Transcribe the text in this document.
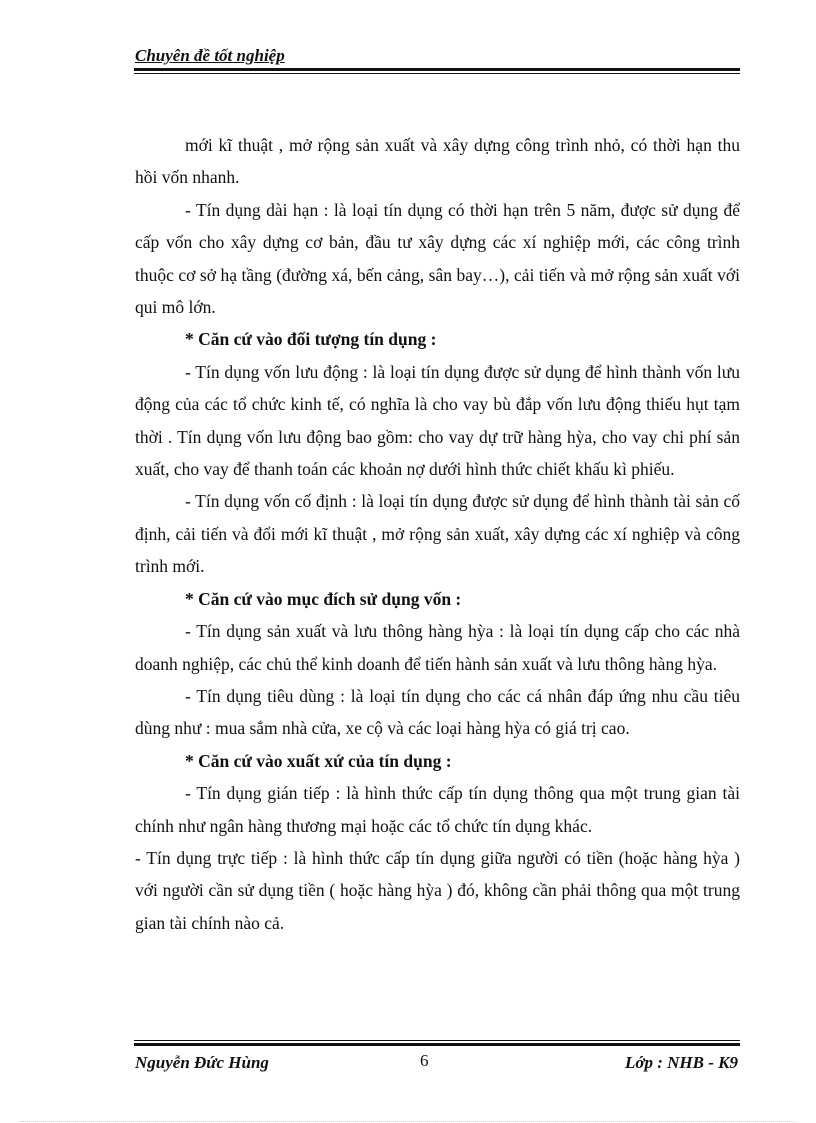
Chuyên đề tốt nghiệp

mới kĩ thuật , mở rộng sản xuất và xây dựng công trình nhỏ, có thời hạn thu hồi vốn nhanh.

- Tín dụng dài hạn : là loại tín dụng có thời hạn trên 5 năm, được sử dụng để cấp vốn cho xây dựng cơ bản, đầu tư xây dựng các xí nghiệp mới, các công trình thuộc cơ sở hạ tầng (đường xá, bến cảng, sân bay…), cải tiến và mở rộng sản xuất với qui mô lớn.

* Căn cứ vào đối tượng tín dụng :

- Tín dụng vốn lưu động : là loại tín dụng được sử dụng để hình thành vốn lưu động của các tổ chức kinh tế, có nghĩa là cho vay bù đắp vốn lưu động thiếu hụt tạm thời . Tín dụng vốn lưu động bao gồm: cho vay dự trữ hàng hỳa, cho vay chi phí sản xuất, cho vay để thanh toán các khoản nợ dưới hình thức chiết khấu kì phiếu.

- Tín dụng vốn cố định : là loại tín dụng được sử dụng để hình thành tài sản cố định, cải tiến và đổi mới kĩ thuật , mở rộng sản xuất, xây dựng các xí nghiệp và công trình mới.

* Căn cứ vào mục đích sử dụng vốn :

- Tín dụng sản xuất và lưu thông hàng hỳa : là loại tín dụng cấp cho các nhà doanh nghiệp, các chủ thể kinh doanh để tiến hành sản xuất và lưu thông hàng hỳa.

- Tín dụng tiêu dùng : là loại tín dụng cho các cá nhân đáp ứng nhu cầu tiêu dùng như : mua sắm nhà cửa, xe cộ và các loại hàng hỳa có giá trị cao.

* Căn cứ vào xuất xứ của tín dụng :

- Tín dụng gián tiếp : là hình thức cấp tín dụng thông qua một trung gian tài chính như ngân hàng thương mại hoặc các tổ chức tín dụng khác.

- Tín dụng trực tiếp : là hình thức cấp tín dụng giữa người có tiền (hoặc hàng hỳa ) với người cần sử dụng tiền ( hoặc hàng hỳa ) đó, không cần phải thông qua một trung gian tài chính nào cả.

Nguyễn Đức Hùng	6	Lớp : NHB - K9
